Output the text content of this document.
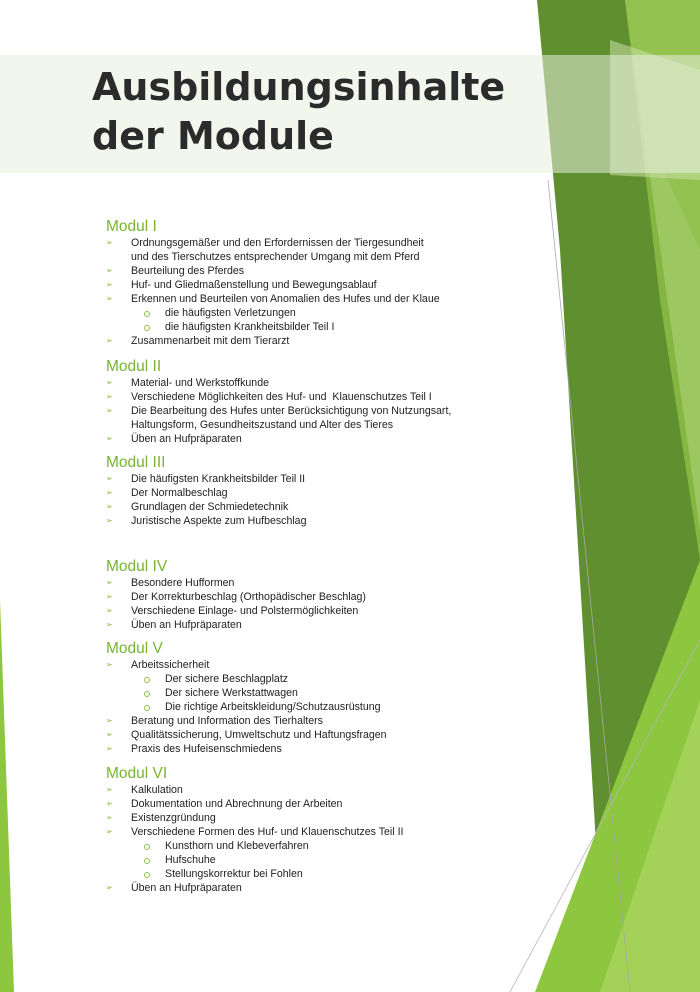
Ausbildungsinhalte
der Module
Modul I
➢ Ordnungsgemäßer und den Erfordernissen der Tiergesundheit
und des Tierschutzes entsprechender Umgang mit dem Pferd
➢ Beurteilung des Pferdes
➢ Huf- und Gliedmaßenstellung und Bewegungsablauf
➢ Erkennen und Beurteilen von Anomalien des Hufes und der Klaue
die häufigsten Verletzungen
die häufigsten Krankheitsbilder Teil I
➢ Zusammenarbeit mit dem Tierarzt
Modul II
➢ Material- und Werkstoffkunde
➢ Verschiedene Möglichkeiten des Huf- und  Klauenschutzes Teil I
➢ Die Bearbeitung des Hufes unter Berücksichtigung von Nutzungsart,
Haltungsform, Gesundheitszustand und Alter des Tieres
➢ Üben an Hufpräparaten
Modul III
➢ Die häufigsten Krankheitsbilder Teil II
➢ Der Normalbeschlag
➢ Grundlagen der Schmiedetechnik
➢ Juristische Aspekte zum Hufbeschlag
Modul IV
➢ Besondere Hufformen
➢ Der Korrekturbeschlag (Orthopädischer Beschlag)
➢ Verschiedene Einlage- und Polstermöglichkeiten
➢ Üben an Hufpräparaten
Modul V
➢ Arbeitssicherheit
Der sichere Beschlagplatz
Der sichere Werkstattwagen
Die richtige Arbeitskleidung/Schutzausrüstung
➢ Beratung und Information des Tierhalters
➢ Qualitätssicherung, Umweltschutz und Haftungsfragen
➢ Praxis des Hufeisenschmiedens
Modul VI
➢ Kalkulation
➢ Dokumentation und Abrechnung der Arbeiten
➢ Existenzgründung
➢ Verschiedene Formen des Huf- und Klauenschutzes Teil II
Kunsthorn und Klebeverfahren
Hufschuhe
Stellungskorrektur bei Fohlen
➢ Üben an Hufpräparaten
